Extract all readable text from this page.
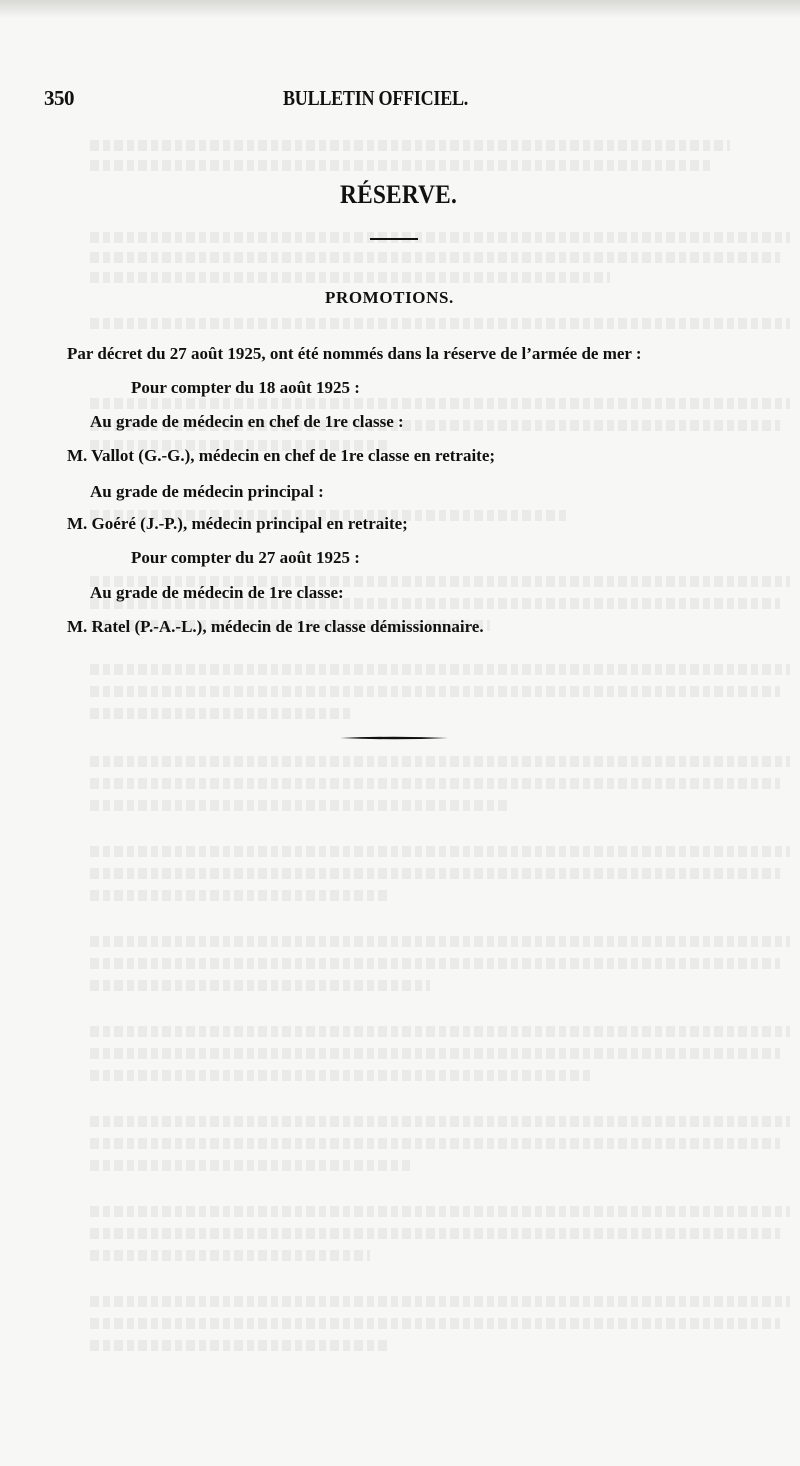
350	BULLETIN OFFICIEL.
RÉSERVE.
PROMOTIONS.
Par décret du 27 août 1925, ont été nommés dans la réserve de l’armée de mer :
Pour compter du 18 août 1925 :
Au grade de médecin en chef de 1re classe :
M. Vallot (G.-G.), médecin en chef de 1re classe en retraite;
Au grade de médecin principal :
M. Goéré (J.-P.), médecin principal en retraite;
Pour compter du 27 août 1925 :
Au grade de médecin de 1re classe:
M. Ratel (P.-A.-L.), médecin de 1re classe démissionnaire.
